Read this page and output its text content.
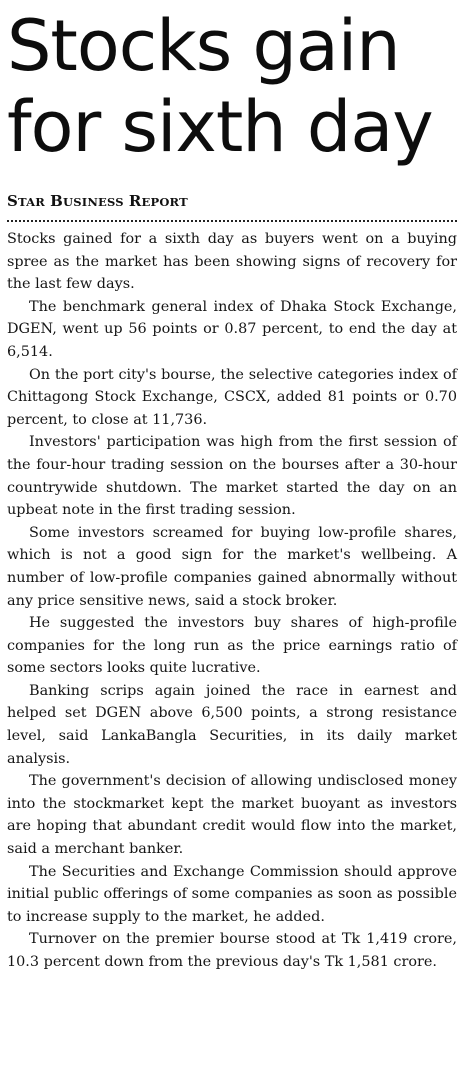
Stocks gain
for sixth day
STAR BUSINESS REPORT

Stocks gained for a sixth day as buyers went on a buying spree as the market has been showing signs of recovery for the last few days.

The benchmark general index of Dhaka Stock Exchange, DGEN, went up 56 points or 0.87 percent, to end the day at 6,514.

On the port city's bourse, the selective categories index of Chittagong Stock Exchange, CSCX, added 81 points or 0.70 percent, to close at 11,736.

Investors' participation was high from the first session of the four-hour trading session on the bourses after a 30-hour countrywide shutdown. The market started the day on an upbeat note in the first trading session.

Some investors screamed for buying low-profile shares, which is not a good sign for the market's wellbeing. A number of low-profile companies gained abnormally without any price sensitive news, said a stock broker.

He suggested the investors buy shares of high-profile companies for the long run as the price earnings ratio of some sectors looks quite lucrative.

Banking scrips again joined the race in earnest and helped set DGEN above 6,500 points, a strong resistance level, said LankaBangla Securities, in its daily market analysis.

The government's decision of allowing undisclosed money into the stockmarket kept the market buoyant as investors are hoping that abundant credit would flow into the market, said a merchant banker.

The Securities and Exchange Commission should approve initial public offerings of some companies as soon as possible to increase supply to the market, he added.

Turnover on the premier bourse stood at Tk 1,419 crore, 10.3 percent down from the previous day's Tk 1,581 crore.
